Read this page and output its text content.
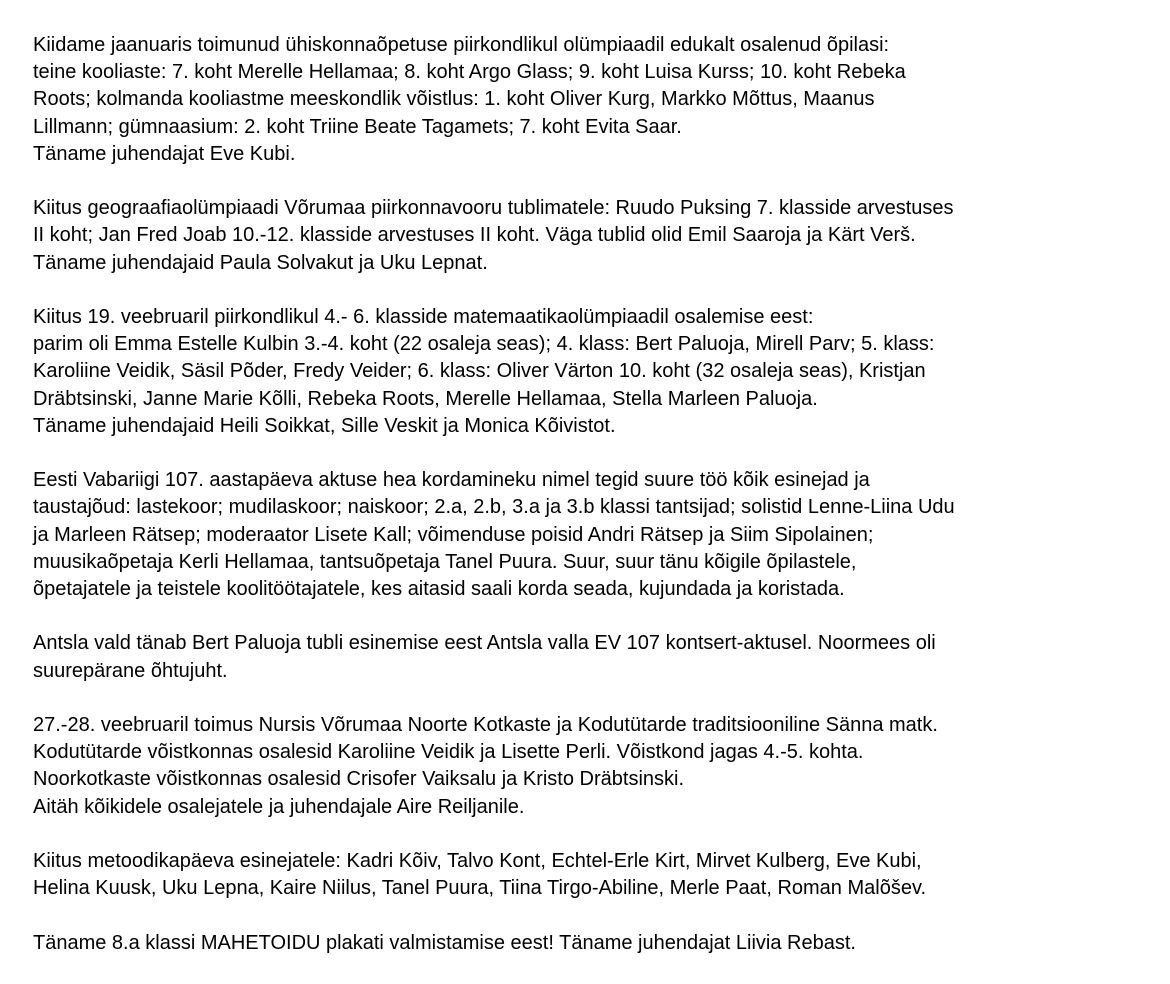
Kiidame jaanuaris toimunud ühiskonnaõpetuse piirkondlikul olümpiaadil edukalt osalenud õpilasi:
teine kooliaste: 7. koht Merelle Hellamaa; 8. koht Argo Glass; 9. koht Luisa Kurss; 10. koht Rebeka
Roots; kolmanda kooliastme meeskondlik võistlus: 1. koht Oliver Kurg, Markko Mõttus, Maanus
Lillmann; gümnaasium: 2. koht Triine Beate Tagamets; 7. koht Evita Saar.
Täname juhendajat Eve Kubi.

Kiitus geograafiaolümpiaadi Võrumaa piirkonnavooru tublimatele: Ruudo Puksing 7. klasside arvestuses
II koht; Jan Fred Joab 10.-12. klasside arvestuses II koht. Väga tublid olid Emil Saaroja ja Kärt Verš.
Täname juhendajaid Paula Solvakut ja Uku Lepnat.

Kiitus 19. veebruaril piirkondlikul 4.- 6. klasside matemaatikaolümpiaadil osalemise eest:
parim oli Emma Estelle Kulbin 3.-4. koht (22 osaleja seas); 4. klass: Bert Paluoja, Mirell Parv; 5. klass:
Karoliine Veidik, Säsil Põder, Fredy Veider; 6. klass: Oliver Värton 10. koht (32 osaleja seas), Kristjan
Dräbtsinski, Janne Marie Kõlli, Rebeka Roots, Merelle Hellamaa, Stella Marleen Paluoja.
Täname juhendajaid Heili Soikkat, Sille Veskit ja Monica Kõivistot.

Eesti Vabariigi 107. aastapäeva aktuse hea kordamineku nimel tegid suure töö kõik esinejad ja
taustajõud: lastekoor; mudilaskoor; naiskoor; 2.a, 2.b, 3.a ja 3.b klassi tantsijad; solistid Lenne-Liina Udu
ja Marleen Rätsep; moderaator Lisete Kall; võimenduse poisid Andri Rätsep ja Siim Sipolainen;
muusikaõpetaja Kerli Hellamaa, tantsuõpetaja Tanel Puura. Suur, suur tänu kõigile õpilastele,
õpetajatele ja teistele koolitöötajatele, kes aitasid saali korda seada, kujundada ja koristada.

Antsla vald tänab Bert Paluoja tubli esinemise eest Antsla valla EV 107 kontsert-aktusel. Noormees oli
suurepärane õhtujuht.

27.-28. veebruaril toimus Nursis Võrumaa Noorte Kotkaste ja Kodutütarde traditsiooniline Sänna matk.
Kodutütarde võistkonnas osalesid Karoliine Veidik ja Lisette Perli. Võistkond jagas 4.-5. kohta.
Noorkotkaste võistkonnas osalesid Crisofer Vaiksalu ja Kristo Dräbtsinski.
Aitäh kõikidele osalejatele ja juhendajale Aire Reiljanile.

Kiitus metoodikapäeva esinejatele: Kadri Kõiv, Talvo Kont, Echtel-Erle Kirt, Mirvet Kulberg, Eve Kubi,
Helina Kuusk, Uku Lepna, Kaire Niilus, Tanel Puura, Tiina Tirgo-Abiline, Merle Paat, Roman Malõšev.

Täname 8.a klassi MAHETOIDU plakati valmistamise eest! Täname juhendajat Liivia Rebast.
